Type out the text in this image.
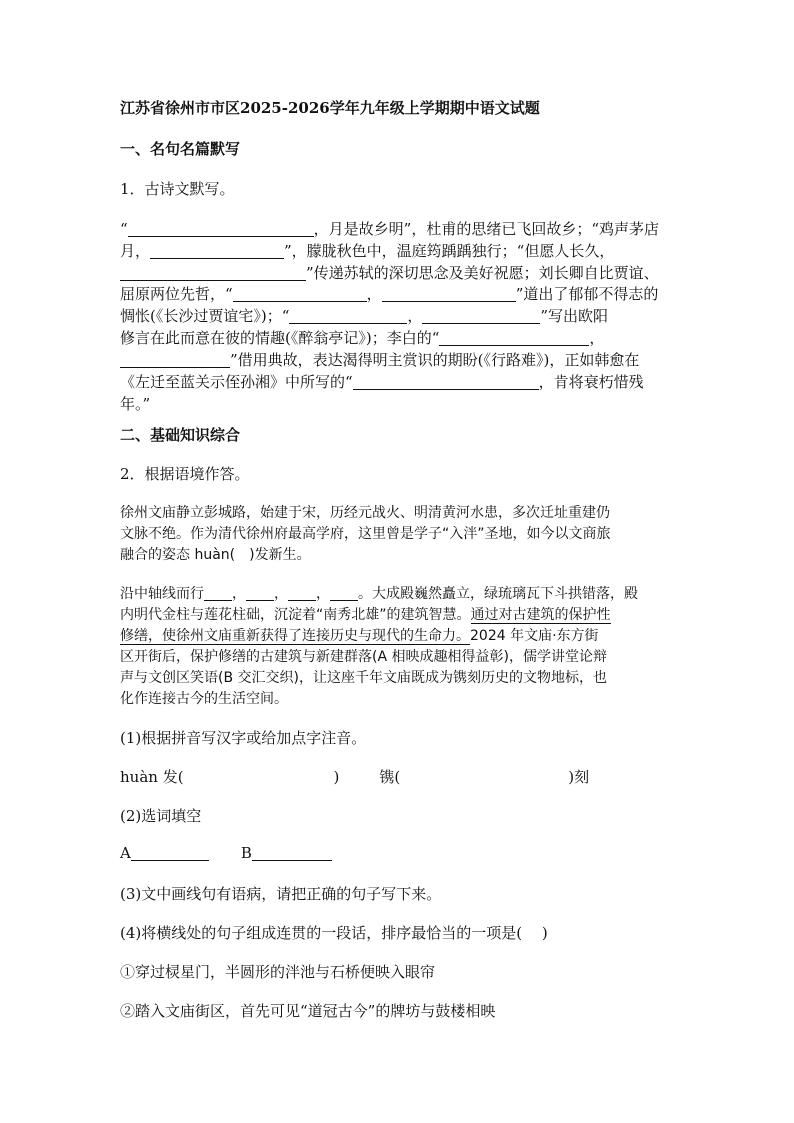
江苏省徐州市市区2025-2026学年九年级上学期期中语文试题

一、名句名篇默写

1．古诗文默写。

“	，月是故乡明”，杜甫的思绪已飞回故乡；“鸡声茅店

月，	”，朦胧秋色中，温庭筠踽踽独行；“但愿人长久，

”传递苏轼的深切思念及美好祝愿；刘长卿自比贾谊、

屈原两位先哲，“	，	”道出了郁郁不得志的

惆怅(《长沙过贾谊宅》)；“	，	”写出欧阳

修言在此而意在彼的情趣(《醉翁亭记》)；李白的“	，

”借用典故，表达渴得明主赏识的期盼(《行路难》)，正如韩愈在

《左迁至蓝关示侄孙湘》中所写的“	，肯将衰朽惜残

年。”

二、基础知识综合

2．根据语境作答。

徐州文庙静立彭城路，始建于宋，历经元战火、明清黄河水患，多次迁址重建仍

文脉不绝。作为清代徐州府最高学府，这里曾是学子“入泮”圣地，如今以文商旅

融合的姿态 huàn(　)发新生。

沿中轴线而行 ， ， ， 。大成殿巍然矗立，绿琉璃瓦下斗拱错落，殿

内明代金柱与莲花柱础，沉淀着“南秀北雄”的建筑智慧。通过对古建筑的保护性

修缮，使徐州文庙重新获得了连接历史与现代的生命力。2024 年文庙·东方街

区开街后，保护修缮的古建筑与新建群落(A 相映成趣相得益彰)，儒学讲堂论辩

声与文创区笑语(B 交汇交织)，让这座千年文庙既成为镌刻历史的文物地标，也

化作连接古今的生活空间。

(1)根据拼音写汉字或给加点字注音。

huàn 发(	)	镌(	)刻

(2)选词填空

A	B

(3)文中画线句有语病，请把正确的句子写下来。

(4)将横线处的句子组成连贯的一段话，排序最恰当的一项是(　 )

①穿过棂星门，半圆形的泮池与石桥便映入眼帘

②踏入文庙街区，首先可见“道冠古今”的牌坊与鼓楼相映
